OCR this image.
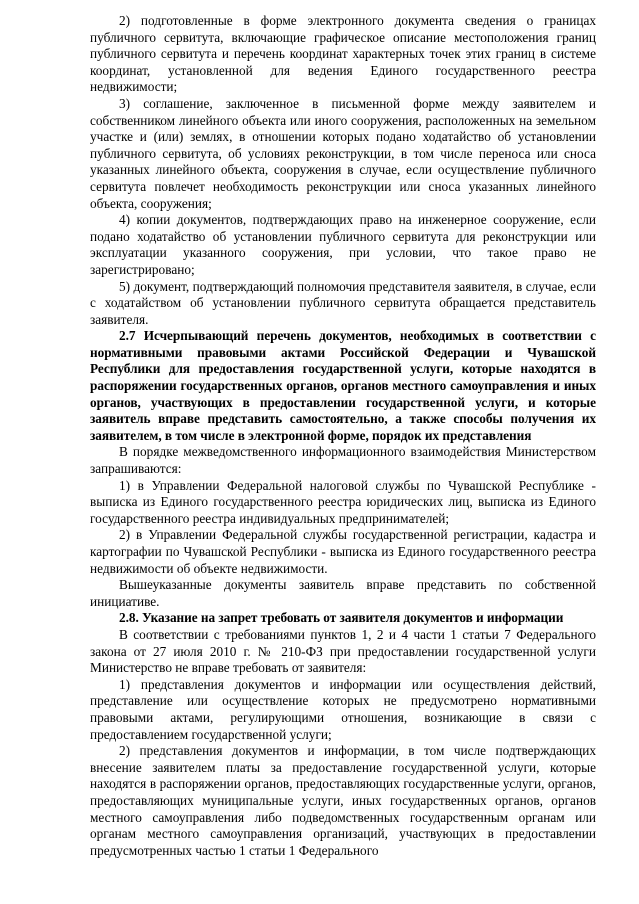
2) подготовленные в форме электронного документа сведения о границах публичного сервитута, включающие графическое описание местоположения границ публичного сервитута и перечень координат характерных точек этих границ в системе координат, установленной для ведения Единого государственного реестра недвижимости;

3) соглашение, заключенное в письменной форме между заявителем и собственником линейного объекта или иного сооружения, расположенных на земельном участке и (или) землях, в отношении которых подано ходатайство об установлении публичного сервитута, об условиях реконструкции, в том числе переноса или сноса указанных линейного объекта, сооружения в случае, если осуществление публичного сервитута повлечет необходимость реконструкции или сноса указанных линейного объекта, сооружения;

4) копии документов, подтверждающих право на инженерное сооружение, если подано ходатайство об установлении публичного сервитута для реконструкции или эксплуатации указанного сооружения, при условии, что такое право не зарегистрировано;

5) документ, подтверждающий полномочия представителя заявителя, в случае, если с ходатайством об установлении публичного сервитута обращается представитель заявителя.

2.7 Исчерпывающий перечень документов, необходимых в соответствии с нормативными правовыми актами Российской Федерации и Чувашской Республики для предоставления государственной услуги, которые находятся в распоряжении государственных органов, органов местного самоуправления и иных органов, участвующих в предоставлении государственной услуги, и которые заявитель вправе представить самостоятельно, а также способы получения их заявителем, в том числе в электронной форме, порядок их представления

В порядке межведомственного информационного взаимодействия Министерством запрашиваются:

1) в Управлении Федеральной налоговой службы по Чувашской Республике - выписка из Единого государственного реестра юридических лиц, выписка из Единого государственного реестра индивидуальных предпринимателей;

2) в Управлении Федеральной службы государственной регистрации, кадастра и картографии по Чувашской Республики - выписка из Единого государственного реестра недвижимости об объекте недвижимости.

Вышеуказанные документы заявитель вправе представить по собственной инициативе.

2.8. Указание на запрет требовать от заявителя документов и информации

В соответствии с требованиями пунктов 1, 2 и 4 части 1 статьи 7 Федерального закона от 27 июля 2010 г. № 210-ФЗ при предоставлении государственной услуги Министерство не вправе требовать от заявителя:

1) представления документов и информации или осуществления действий, представление или осуществление которых не предусмотрено нормативными правовыми актами, регулирующими отношения, возникающие в связи с предоставлением государственной услуги;

2) представления документов и информации, в том числе подтверждающих внесение заявителем платы за предоставление государственной услуги, которые находятся в распоряжении органов, предоставляющих государственные услуги, органов, предоставляющих муниципальные услуги, иных государственных органов, органов местного самоуправления либо подведомственных государственным органам или органам местного самоуправления организаций, участвующих в предоставлении предусмотренных частью 1 статьи 1 Федерального
